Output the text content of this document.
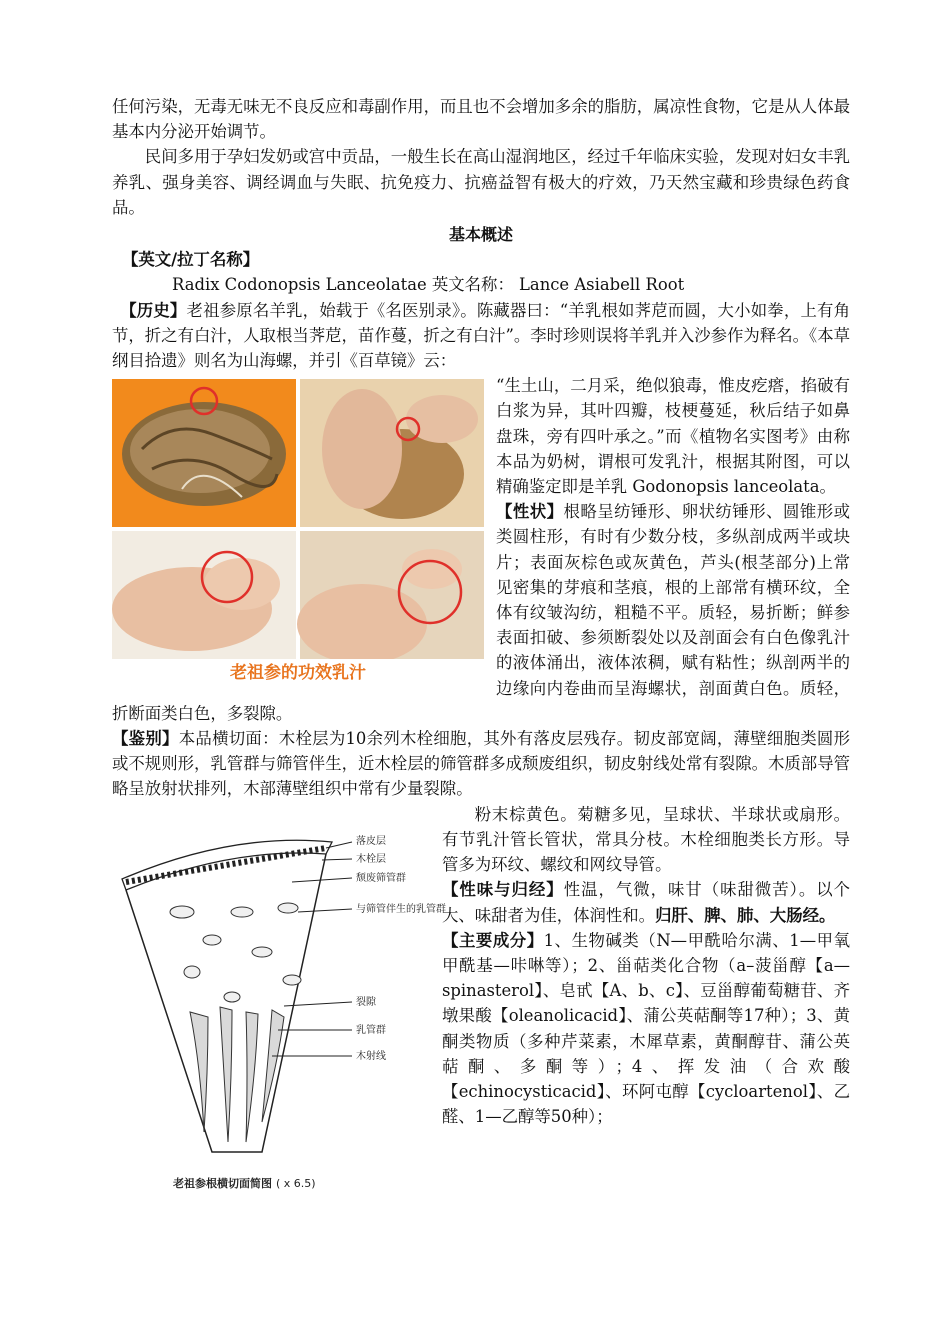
任何污染，无毒无味无不良反应和毒副作用，而且也不会增加多余的脂肪，属凉性食物，它是从人体最基本内分泌开始调节。

民间多用于孕妇发奶或宫中贡品，一般生长在高山湿润地区，经过千年临床实验，发现对妇女丰乳养乳、强身美容、调经调血与失眠、抗免疫力、抗癌益智有极大的疗效，乃天然宝藏和珍贵绿色药食品。

基本概述

【英文/拉丁名称】

Radix Codonopsis Lanceolatae 英文名称： Lance Asiabell Root

【历史】老祖参原名羊乳，始载于《名医别录》。陈藏器曰：“羊乳根如荠苨而圆，大小如拳，上有角节，折之有白汁，人取根当荠苨，苗作蔓，折之有白汁”。李时珍则误将羊乳并入沙参作为释名。《本草纲目拾遗》则名为山海螺，并引《百草镜》云：

老祖参的功效乳汁

“生土山，二月采，绝似狼毒，惟皮疙瘩，掐破有白浆为异，其叶四瓣，枝梗蔓延，秋后结子如鼻盘珠，旁有四叶承之。”而《植物名实图考》由称本品为奶树，谓根可发乳汁，根据其附图，可以精确鉴定即是羊乳 Godonopsis lanceolata。

【性状】根略呈纺锤形、卵状纺锤形、圆锥形或类圆柱形，有时有少数分枝，多纵剖成两半或块片；表面灰棕色或灰黄色，芦头(根茎部分)上常见密集的芽痕和茎痕，根的上部常有横环纹，全体有纹皱沟纺，粗糙不平。质轻，易折断；鲜参表面扣破、参须断裂处以及剖面会有白色像乳汁的液体涌出，液体浓稠，赋有粘性；纵剖两半的边缘向内卷曲而呈海螺状，剖面黄白色。质轻，折断面类白色，多裂隙。

【鉴别】本品横切面：木栓层为10余列木栓细胞，其外有落皮层残存。韧皮部宽阔，薄壁细胞类圆形或不规则形，乳管群与筛管伴生，近木栓层的筛管群多成颓废组织，韧皮射线处常有裂隙。木质部导管略呈放射状排列，木部薄壁组织中常有少量裂隙。

落皮层
木栓层
颓废筛管群
与筛管伴生的乳管群
裂隙
乳管群
木射线
老祖参根横切面简图 ( x 6.5)

粉末棕黄色。菊糖多见，呈球状、半球状或扇形。有节乳汁管长管状，常具分枝。木栓细胞类长方形。导管多为环纹、螺纹和网纹导管。

【性味与归经】性温，气微，味甘（味甜微苦）。以个大、味甜者为佳，体润性和。归肝、脾、肺、大肠经。

【主要成分】1、生物碱类（N—甲酰哈尔满、1—甲氧甲酰基—咔啉等）；2、甾萜类化合物（a–菠甾醇【a—spinasterol】、皂甙【A、b、c】、豆甾醇葡萄糖苷、齐墩果酸【oleanolicacid】、蒲公英萜酮等17种）；3、黄酮类物质（多种芹菜素，木犀草素，黄酮醇苷、蒲公英萜酮、多酮等）；4、挥发油（合欢酸【echinocysticacid】、环阿屯醇【cycloartenol】、乙醛、1—乙醇等50种）；
